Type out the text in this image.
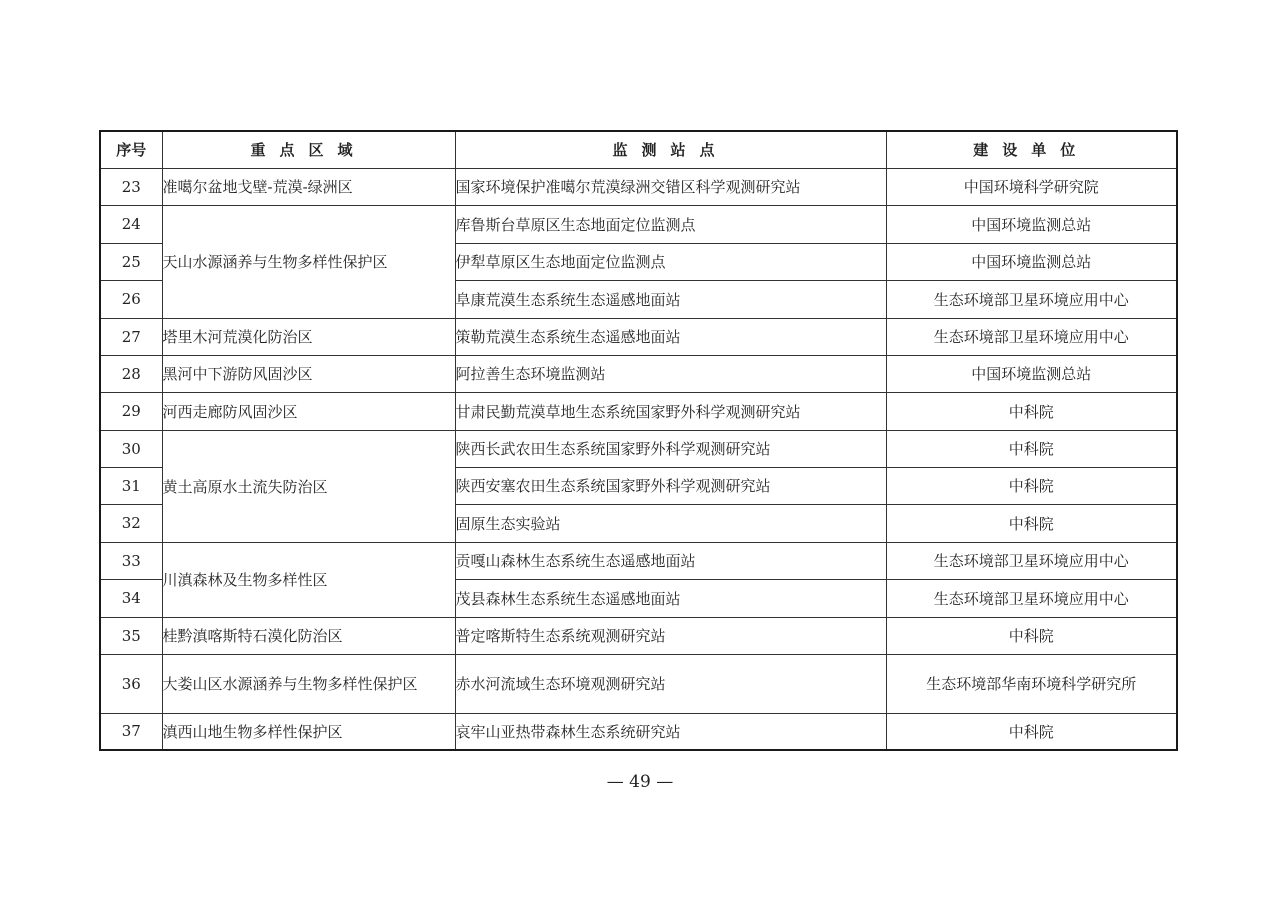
序号	重点区域	监测站点	建设单位
23	准噶尔盆地戈壁-荒漠-绿洲区	国家环境保护准噶尔荒漠绿洲交错区科学观测研究站	中国环境科学研究院
24	天山水源涵养与生物多样性保护区	库鲁斯台草原区生态地面定位监测点	中国环境监测总站
25		伊犁草原区生态地面定位监测点	中国环境监测总站
26		阜康荒漠生态系统生态遥感地面站	生态环境部卫星环境应用中心
27	塔里木河荒漠化防治区	策勒荒漠生态系统生态遥感地面站	生态环境部卫星环境应用中心
28	黑河中下游防风固沙区	阿拉善生态环境监测站	中国环境监测总站
29	河西走廊防风固沙区	甘肃民勤荒漠草地生态系统国家野外科学观测研究站	中科院
30	黄土高原水土流失防治区	陕西长武农田生态系统国家野外科学观测研究站	中科院
31		陕西安塞农田生态系统国家野外科学观测研究站	中科院
32		固原生态实验站	中科院
33	川滇森林及生物多样性区	贡嘎山森林生态系统生态遥感地面站	生态环境部卫星环境应用中心
34		茂县森林生态系统生态遥感地面站	生态环境部卫星环境应用中心
35	桂黔滇喀斯特石漠化防治区	普定喀斯特生态系统观测研究站	中科院
36	大娄山区水源涵养与生物多样性保护区	赤水河流域生态环境观测研究站	生态环境部华南环境科学研究所
37	滇西山地生物多样性保护区	哀牢山亚热带森林生态系统研究站	中科院
— 49 —
